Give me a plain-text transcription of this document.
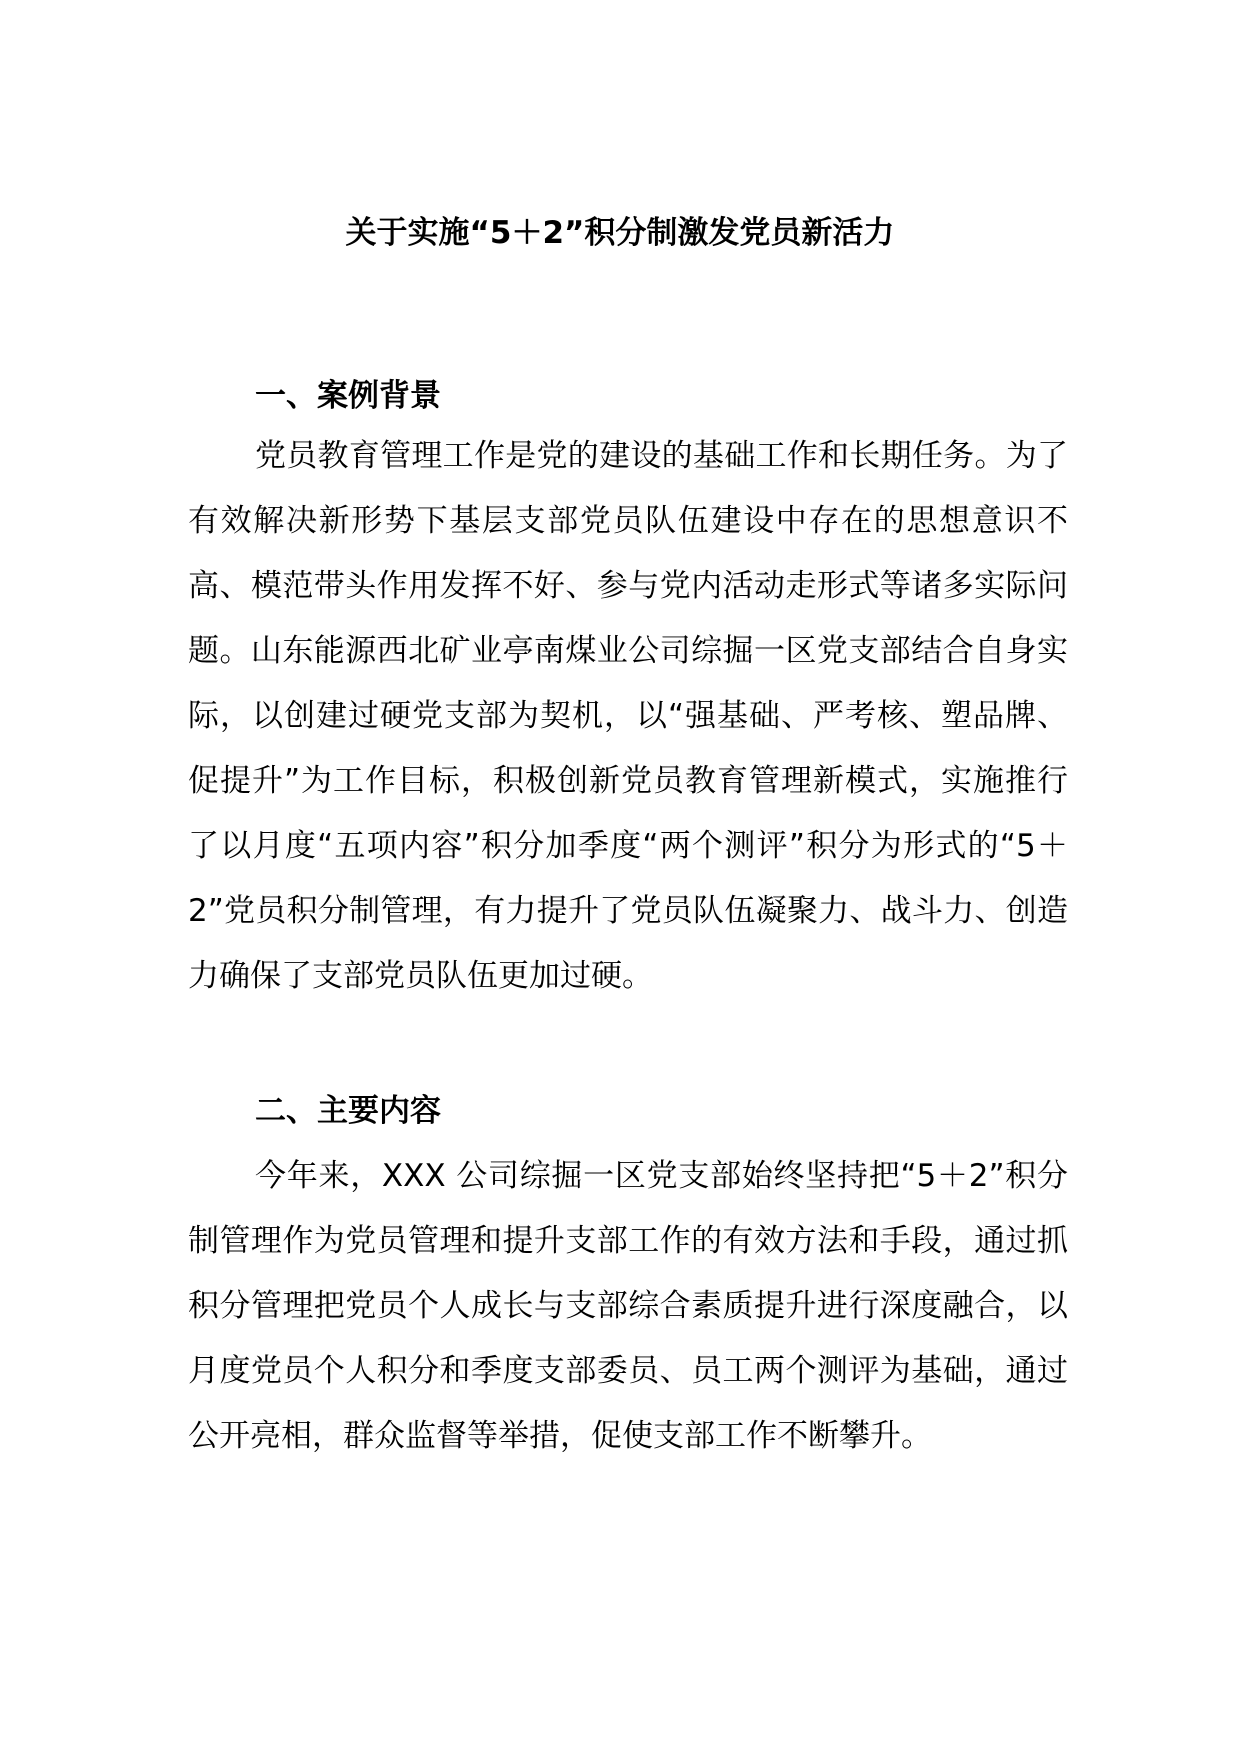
关于实施“5＋2”积分制激发党员新活力
一、案例背景
党员教育管理工作是党的建设的基础工作和长期任务。为了有效解决新形势下基层支部党员队伍建设中存在的思想意识不高、模范带头作用发挥不好、参与党内活动走形式等诸多实际问题。山东能源西北矿业亭南煤业公司综掘一区党支部结合自身实际，以创建过硬党支部为契机，以“强基础、严考核、塑品牌、促提升”为工作目标，积极创新党员教育管理新模式，实施推行了以月度“五项内容”积分加季度“两个测评”积分为形式的“5＋2”党员积分制管理，有力提升了党员队伍凝聚力、战斗力、创造力确保了支部党员队伍更加过硬。
二、主要内容
今年来，XXX 公司综掘一区党支部始终坚持把“5＋2”积分制管理作为党员管理和提升支部工作的有效方法和手段，通过抓积分管理把党员个人成长与支部综合素质提升进行深度融合，以月度党员个人积分和季度支部委员、员工两个测评为基础，通过公开亮相，群众监督等举措，促使支部工作不断攀升。
